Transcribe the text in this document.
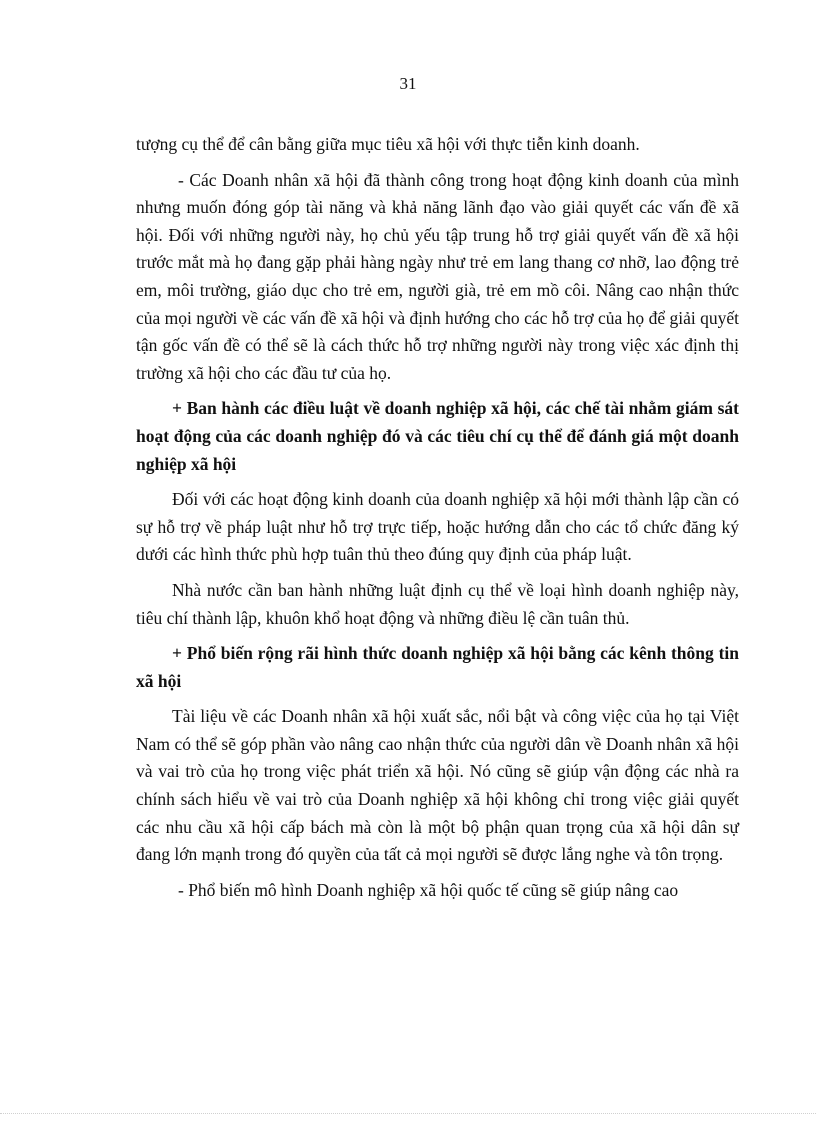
31

tượng cụ thể để cân bằng giữa mục tiêu xã hội với thực tiễn kinh doanh.

- Các Doanh nhân xã hội đã thành công trong hoạt động kinh doanh của mình nhưng muốn đóng góp tài năng và khả năng lãnh đạo vào giải quyết các vấn đề xã hội. Đối với những người này, họ chủ yếu tập trung hỗ trợ giải quyết vấn đề xã hội trước mắt mà họ đang gặp phải hàng ngày như trẻ em lang thang cơ nhỡ, lao động trẻ em, môi trường, giáo dục cho trẻ em, người già, trẻ em mồ côi. Nâng cao nhận thức của mọi người về các vấn đề xã hội và định hướng cho các hỗ trợ của họ để giải quyết tận gốc vấn đề có thể sẽ là cách thức hỗ trợ những người này trong việc xác định thị trường xã hội cho các đầu tư của họ.

+ Ban hành các điều luật về doanh nghiệp xã hội, các chế tài nhằm giám sát hoạt động của các doanh nghiệp đó và các tiêu chí cụ thể để đánh giá một doanh nghiệp xã hội

Đối với các hoạt động kinh doanh của doanh nghiệp xã hội mới thành lập cần có sự hỗ trợ về pháp luật như hỗ trợ trực tiếp, hoặc hướng dẫn cho các tổ chức đăng ký dưới các hình thức phù hợp tuân thủ theo đúng quy định của pháp luật.

Nhà nước cần ban hành những luật định cụ thể về loại hình doanh nghiệp này, tiêu chí thành lập, khuôn khổ hoạt động và những điều lệ cần tuân thủ.

+ Phổ biến rộng rãi hình thức doanh nghiệp xã hội bằng các kênh thông tin xã hội

Tài liệu về các Doanh nhân xã hội xuất sắc, nổi bật và công việc của họ tại Việt Nam có thể sẽ góp phần vào nâng cao nhận thức của người dân về Doanh nhân xã hội và vai trò của họ trong việc phát triển xã hội. Nó cũng sẽ giúp vận động các nhà ra chính sách hiểu về vai trò của Doanh nghiệp xã hội không chỉ trong việc giải quyết các nhu cầu xã hội cấp bách mà còn là một bộ phận quan trọng của xã hội dân sự đang lớn mạnh trong đó quyền của tất cả mọi người sẽ được lắng nghe và tôn trọng.

- Phổ biến mô hình Doanh nghiệp xã hội quốc tế cũng sẽ giúp nâng cao
